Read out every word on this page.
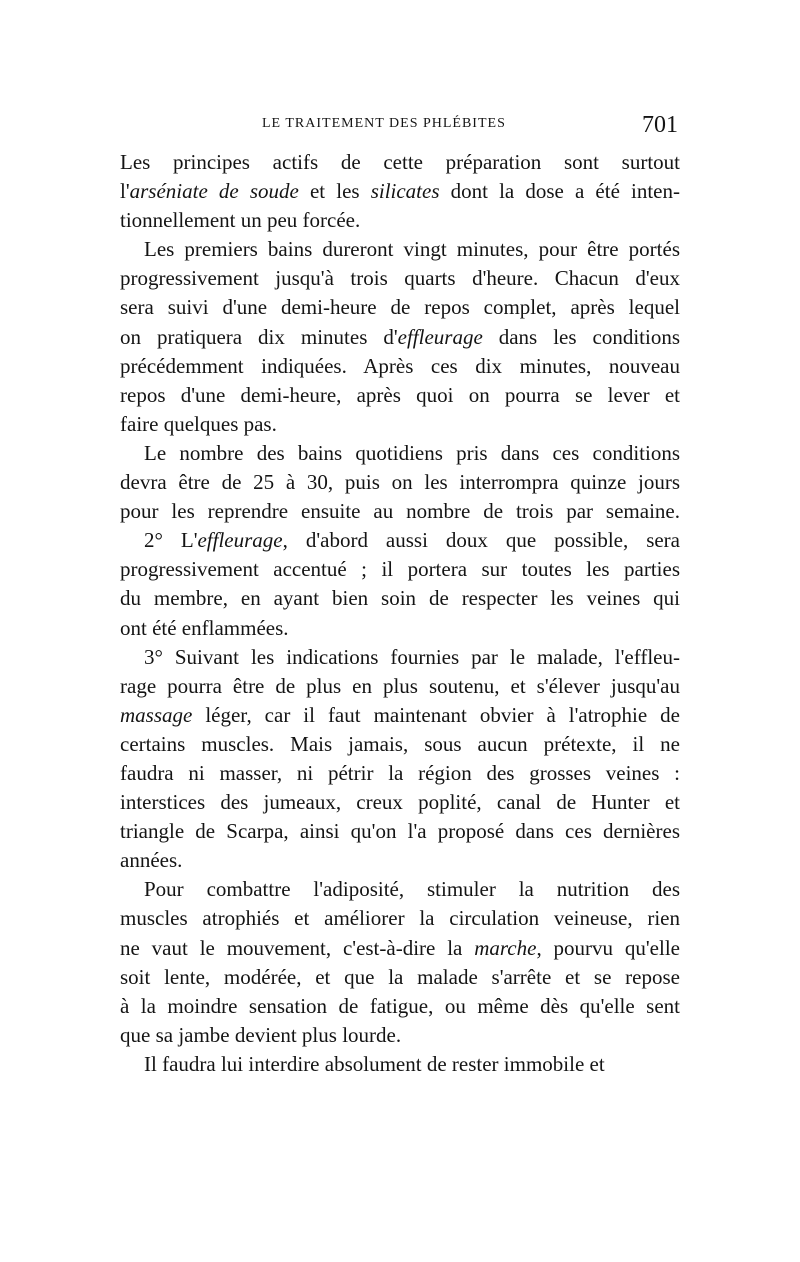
LE TRAITEMENT DES PHLÉBITES	701
Les principes actifs de cette préparation sont surtout
l'arséniate de soude et les silicates dont la dose a été inten-
tionnellement un peu forcée.
Les premiers bains dureront vingt minutes, pour être portés
progressivement jusqu'à trois quarts d'heure. Chacun d'eux
sera suivi d'une demi-heure de repos complet, après lequel
on pratiquera dix minutes d'effleurage dans les conditions
précédemment indiquées. Après ces dix minutes, nouveau
repos d'une demi-heure, après quoi on pourra se lever et
faire quelques pas.
Le nombre des bains quotidiens pris dans ces conditions
devra être de 25 à 30, puis on les interrompra quinze jours
pour les reprendre ensuite au nombre de trois par semaine.
2° L'effleurage, d'abord aussi doux que possible, sera
progressivement accentué ; il portera sur toutes les parties
du membre, en ayant bien soin de respecter les veines qui
ont été enflammées.
3° Suivant les indications fournies par le malade, l'effleu-
rage pourra être de plus en plus soutenu, et s'élever jusqu'au
massage léger, car il faut maintenant obvier à l'atrophie de
certains muscles. Mais jamais, sous aucun prétexte, il ne
faudra ni masser, ni pétrir la région des grosses veines :
interstices des jumeaux, creux poplité, canal de Hunter et
triangle de Scarpa, ainsi qu'on l'a proposé dans ces dernières
années.
Pour combattre l'adiposité, stimuler la nutrition des
muscles atrophiés et améliorer la circulation veineuse, rien
ne vaut le mouvement, c'est-à-dire la marche, pourvu qu'elle
soit lente, modérée, et que la malade s'arrête et se repose
à la moindre sensation de fatigue, ou même dès qu'elle sent
que sa jambe devient plus lourde.
Il faudra lui interdire absolument de rester immobile et
